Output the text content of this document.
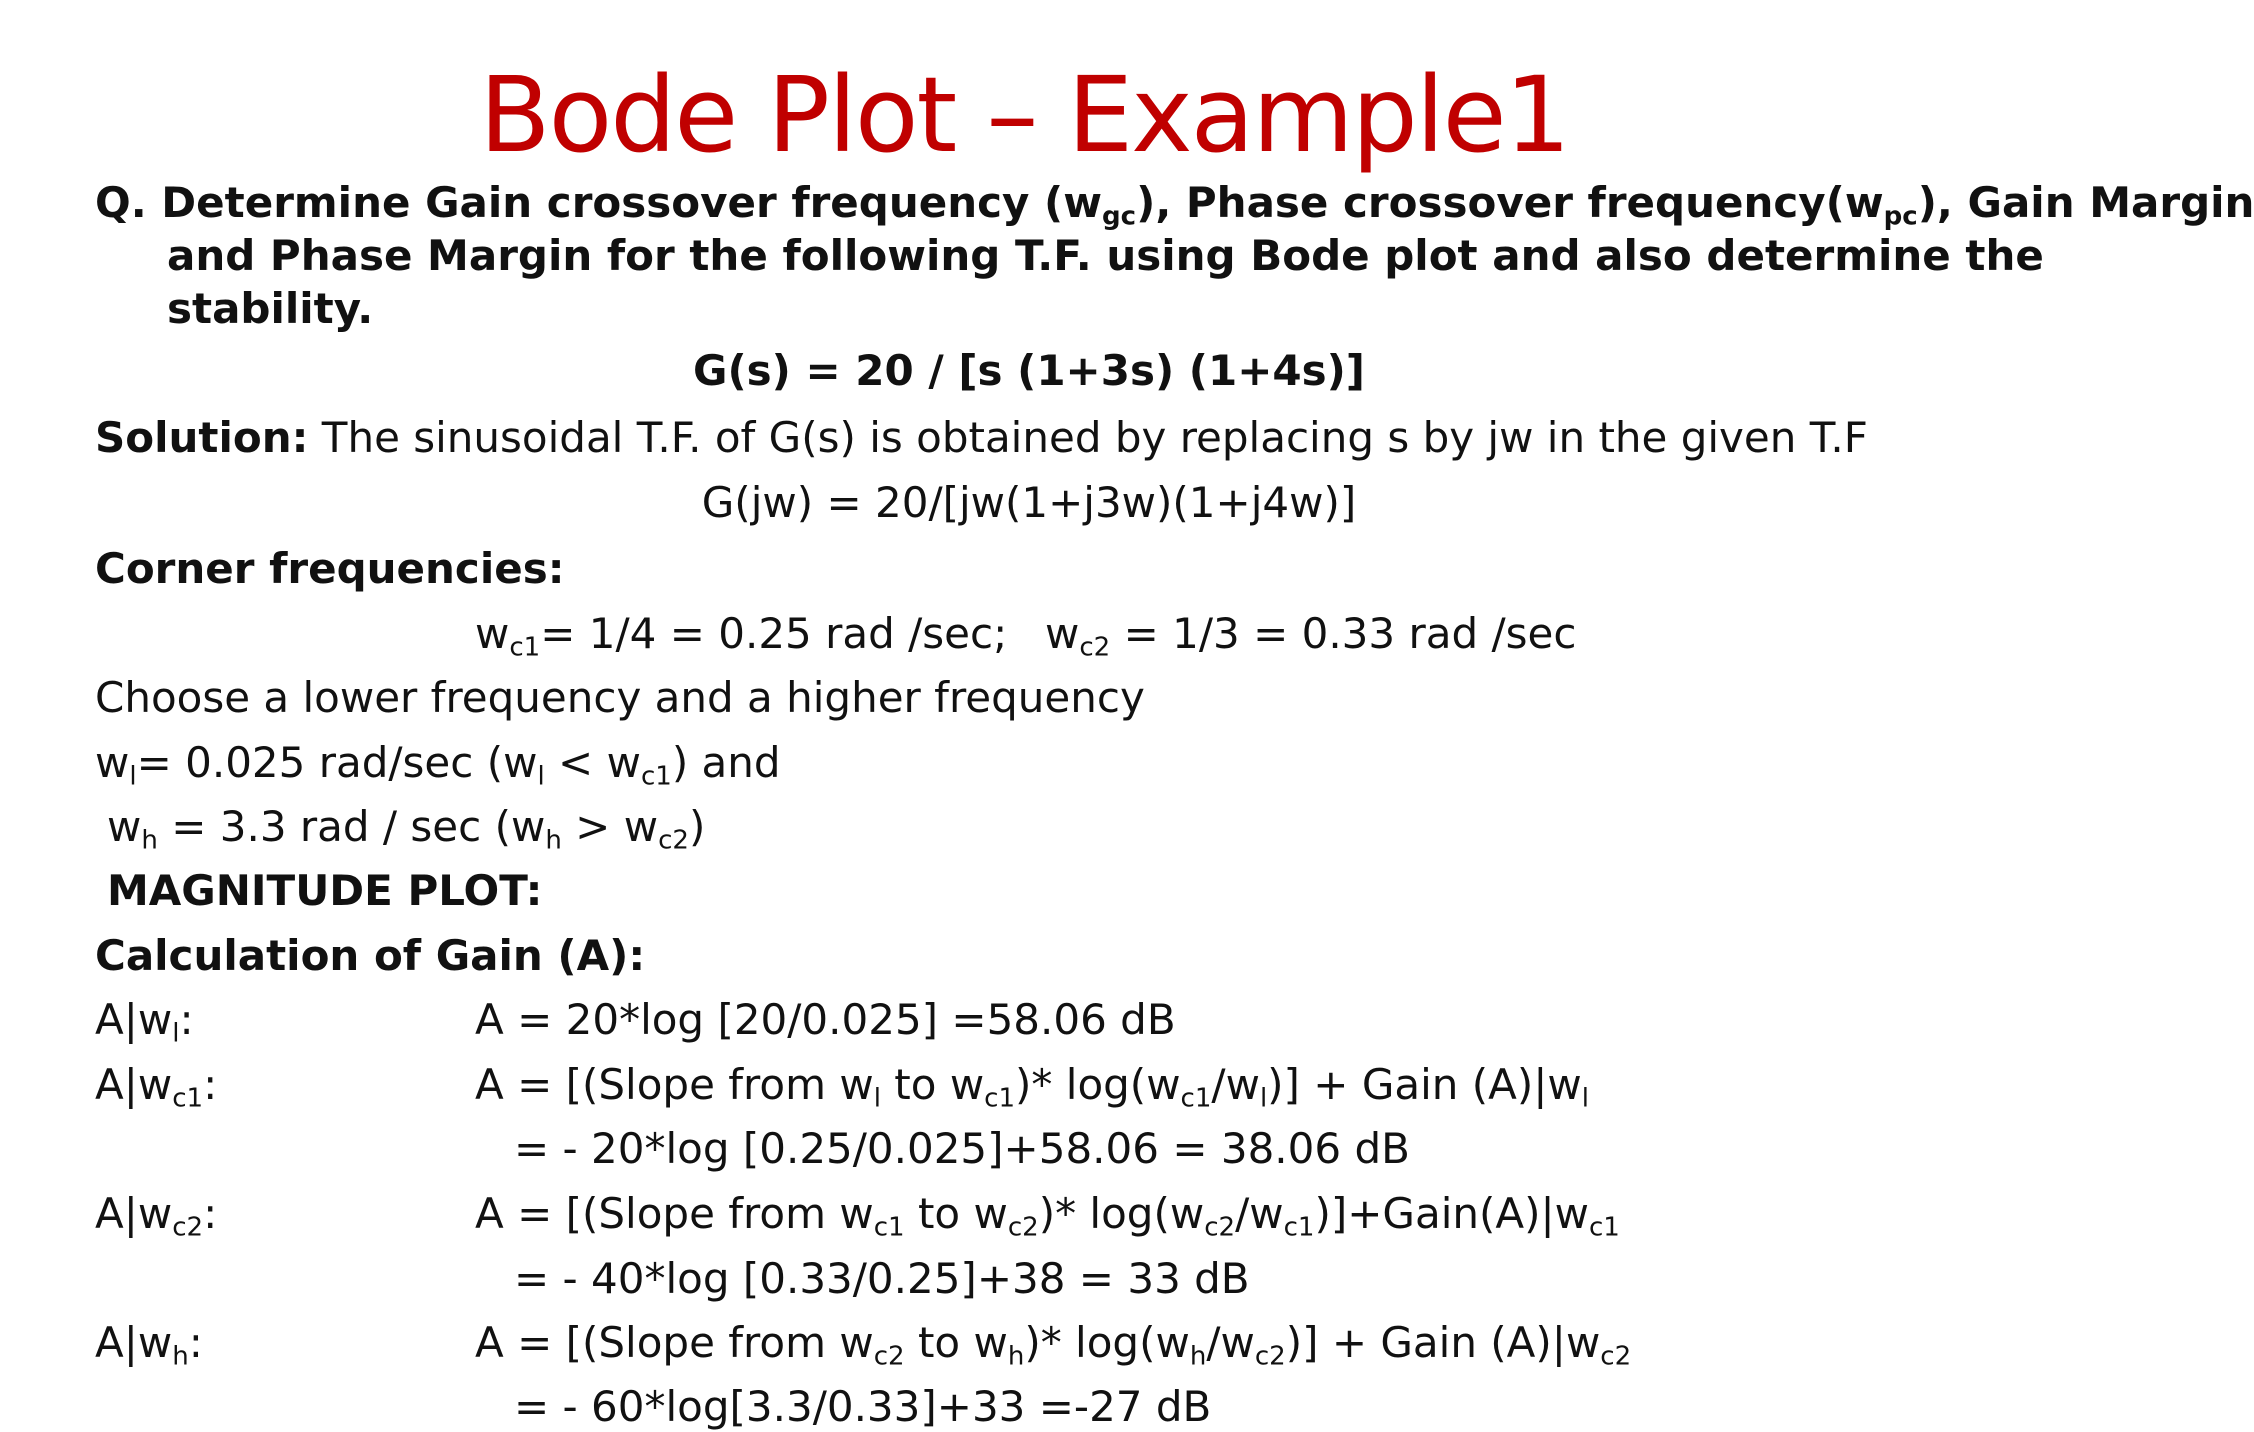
Bode Plot – Example1
Q. Determine Gain crossover frequency $(w_{gc})$, Phase crossover $frequency(w_{pc})$, Gain Margin
and Phase Margin for the following T.F. using Bode plot and also determine the
stability.
G(s) = 20 / [s (1+3s) (1+4s)]
Solution: The sinusoidal T.F. of G(s) is obtained by replacing s by jw in the given T.F
G(jw) = 20/[jw(1+j3w)(1+j4w)]
Corner frequencies:
$w_{c1}= 1/4 = 0.25$ rad /sec; $w_{c2} = 1/3 = 0.33$ rad /sec
Choose a lower frequency and a higher frequency
$w_l= 0.025$ rad/sec $(w_l < w_{c1})$ and
$w_h = 3.3$ rad / $\sec (w_h > w_{c2})$
MAGNITUDE PLOT:
Calculation of Gain (A):
$A|w_l$:	A = 20*log [20/0.025] =58.06 dB
$A|w_{c1}$:	A = [(Slope from $w_l$ to $w_{c1})*$ $\log(w_{c1}/w_l)$] + Gain $(A)|w_l$
= - 20*log [0.25/0.025]+58.06 = 38.06 dB
$A|w_{c2}$:	A = [(Slope from $w_{c1}$ to $w_{c2})*$ $\log(w_{c2}/w_{c1})]+Gain(A)|w_{c1}$
= - 40*log [0.33/0.25]+38 = 33 dB
$A|w_h$:	A = [(Slope from $w_{c2}$ to $w_h)*$ $\log(w_h/w_{c2})$] + Gain $(A)|w_{c2}$
= - 60*log[3.3/0.33]+33 =-27 dB
